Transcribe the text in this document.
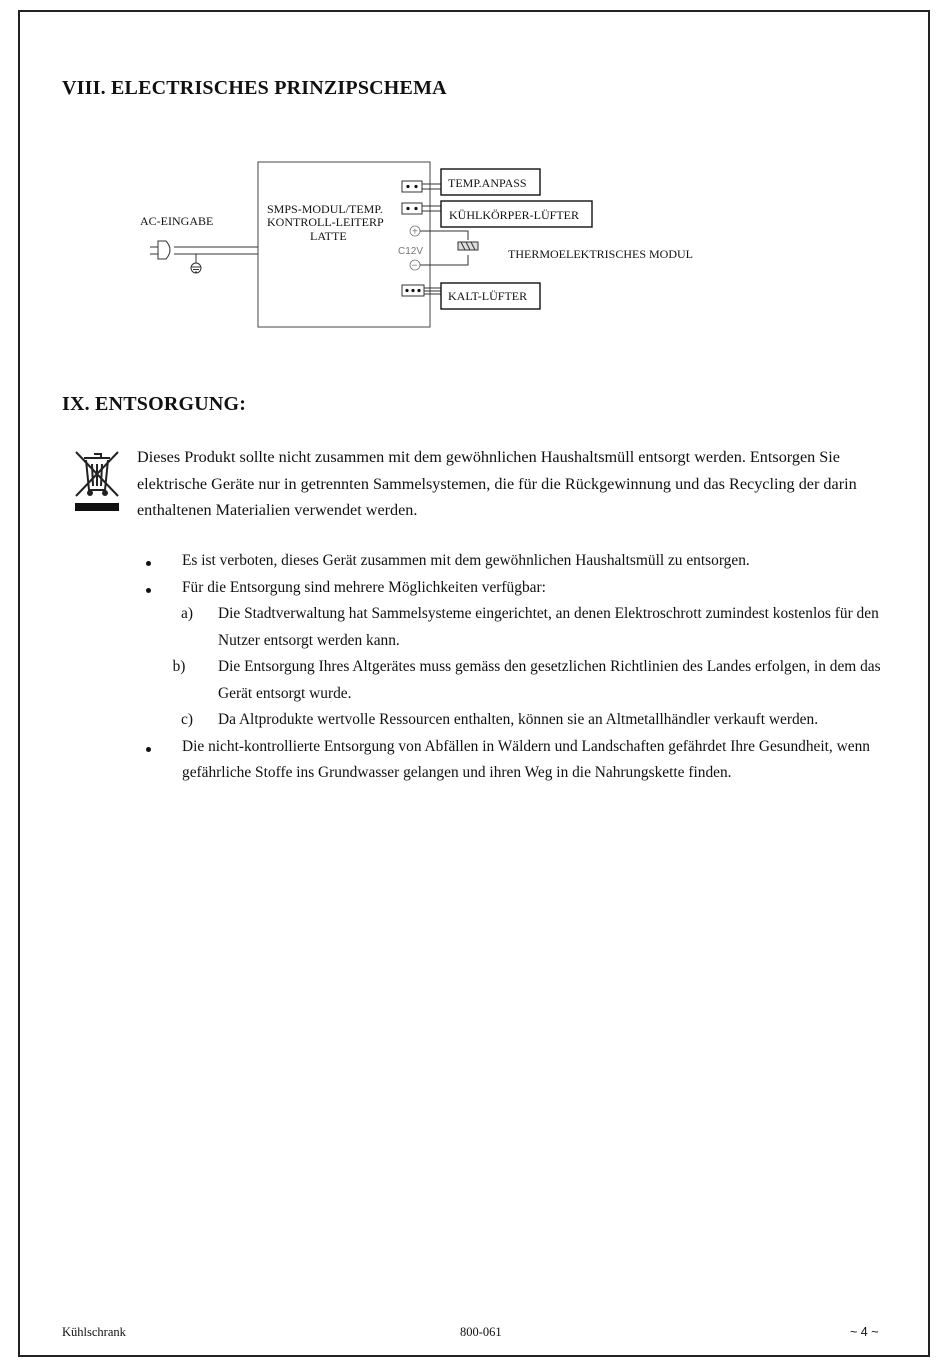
VIII. ELECTRISCHES PRINZIPSCHEMA
AC-EINGABE
SMPS-MODUL/TEMP.
KONTROLL-LEITERP
LATTE	+
−
C12V	THERMOELEKTRISCHES MODUL
TEMP.ANPASS
KÜHLKÖRPER-LÜFTER
KALT-LÜFTER
IX. ENTSORGUNG:

Dieses Produkt sollte nicht zusammen mit dem gewöhnlichen Haushaltsmüll entsorgt werden. Entsorgen Sie elektrische Geräte nur in getrennten Sammelsystemen, die für die Rückgewinnung und das Recycling der darin enthaltenen Materialien verwendet werden.

Es ist verboten, dieses Gerät zusammen mit dem gewöhnlichen Haushaltsmüll zu entsorgen.
Für die Entsorgung sind mehrere Möglichkeiten verfügbar:
a)	Die Stadtverwaltung hat Sammelsysteme eingerichtet, an denen Elektroschrott zumindest kostenlos für den Nutzer entsorgt werden kann.
b)	Die Entsorgung Ihres Altgerätes muss gemäss den gesetzlichen Richtlinien des Landes erfolgen, in dem das Gerät entsorgt wurde.
c)	Da Altprodukte wertvolle Ressourcen enthalten, können sie an Altmetallhändler verkauft werden.
Die nicht-kontrollierte Entsorgung von Abfällen in Wäldern und Landschaften gefährdet Ihre Gesundheit, wenn gefährliche Stoffe ins Grundwasser gelangen und ihren Weg in die Nahrungskette finden.
Kühlschrank	800-061	~ 4 ~
